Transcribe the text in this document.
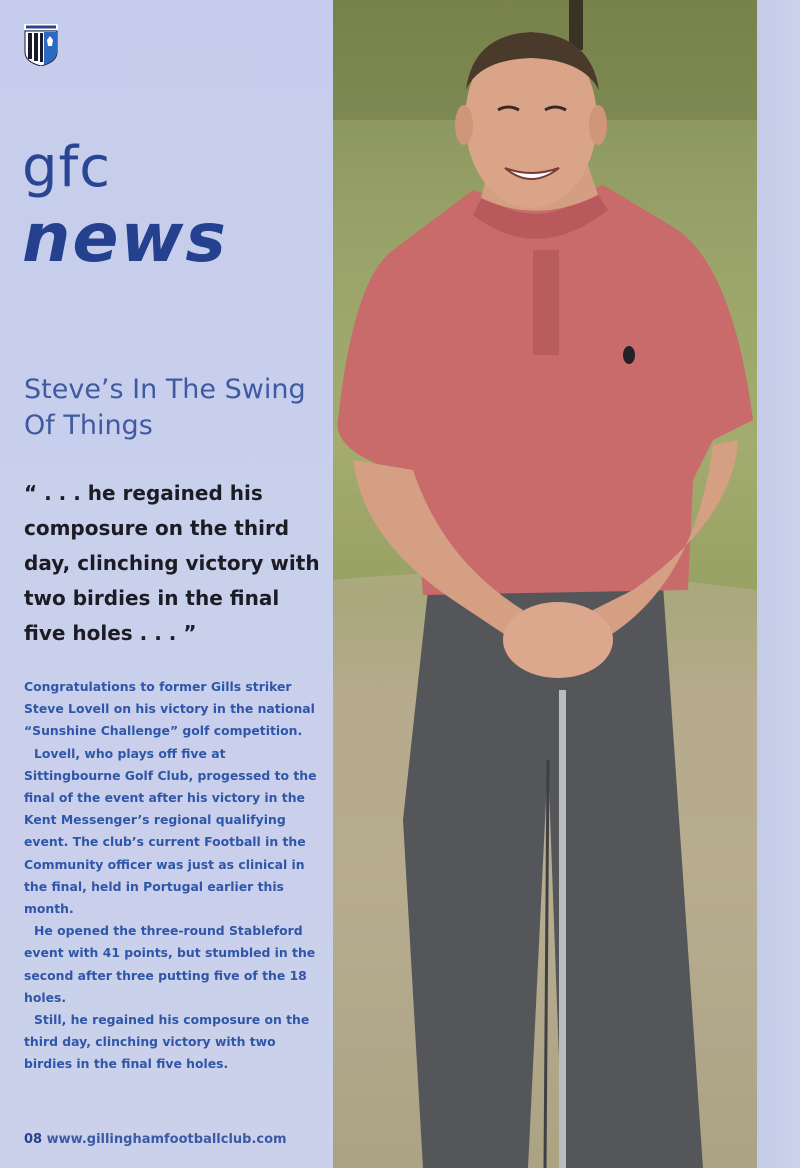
gfc
news
Steve’s In The Swing Of Things

“ . . . he regained his composure on the third day, clinching victory with two birdies in the final five holes . . . ”

Congratulations to former Gills striker Steve Lovell on his victory in the national “Sunshine Challenge” golf competition.

Lovell, who plays off five at Sittingbourne Golf Club, progessed to the final of the event after his victory in the Kent Messenger’s regional qualifying event. The club’s current Football in the Community officer was just as clinical in the final, held in Portugal earlier this month.

He opened the three-round Stableford event with 41 points, but stumbled in the second after three putting five of the 18 holes.

Still, he regained his composure on the third day, clinching victory with two birdies in the final five holes.

08 www.gillinghamfootballclub.com
